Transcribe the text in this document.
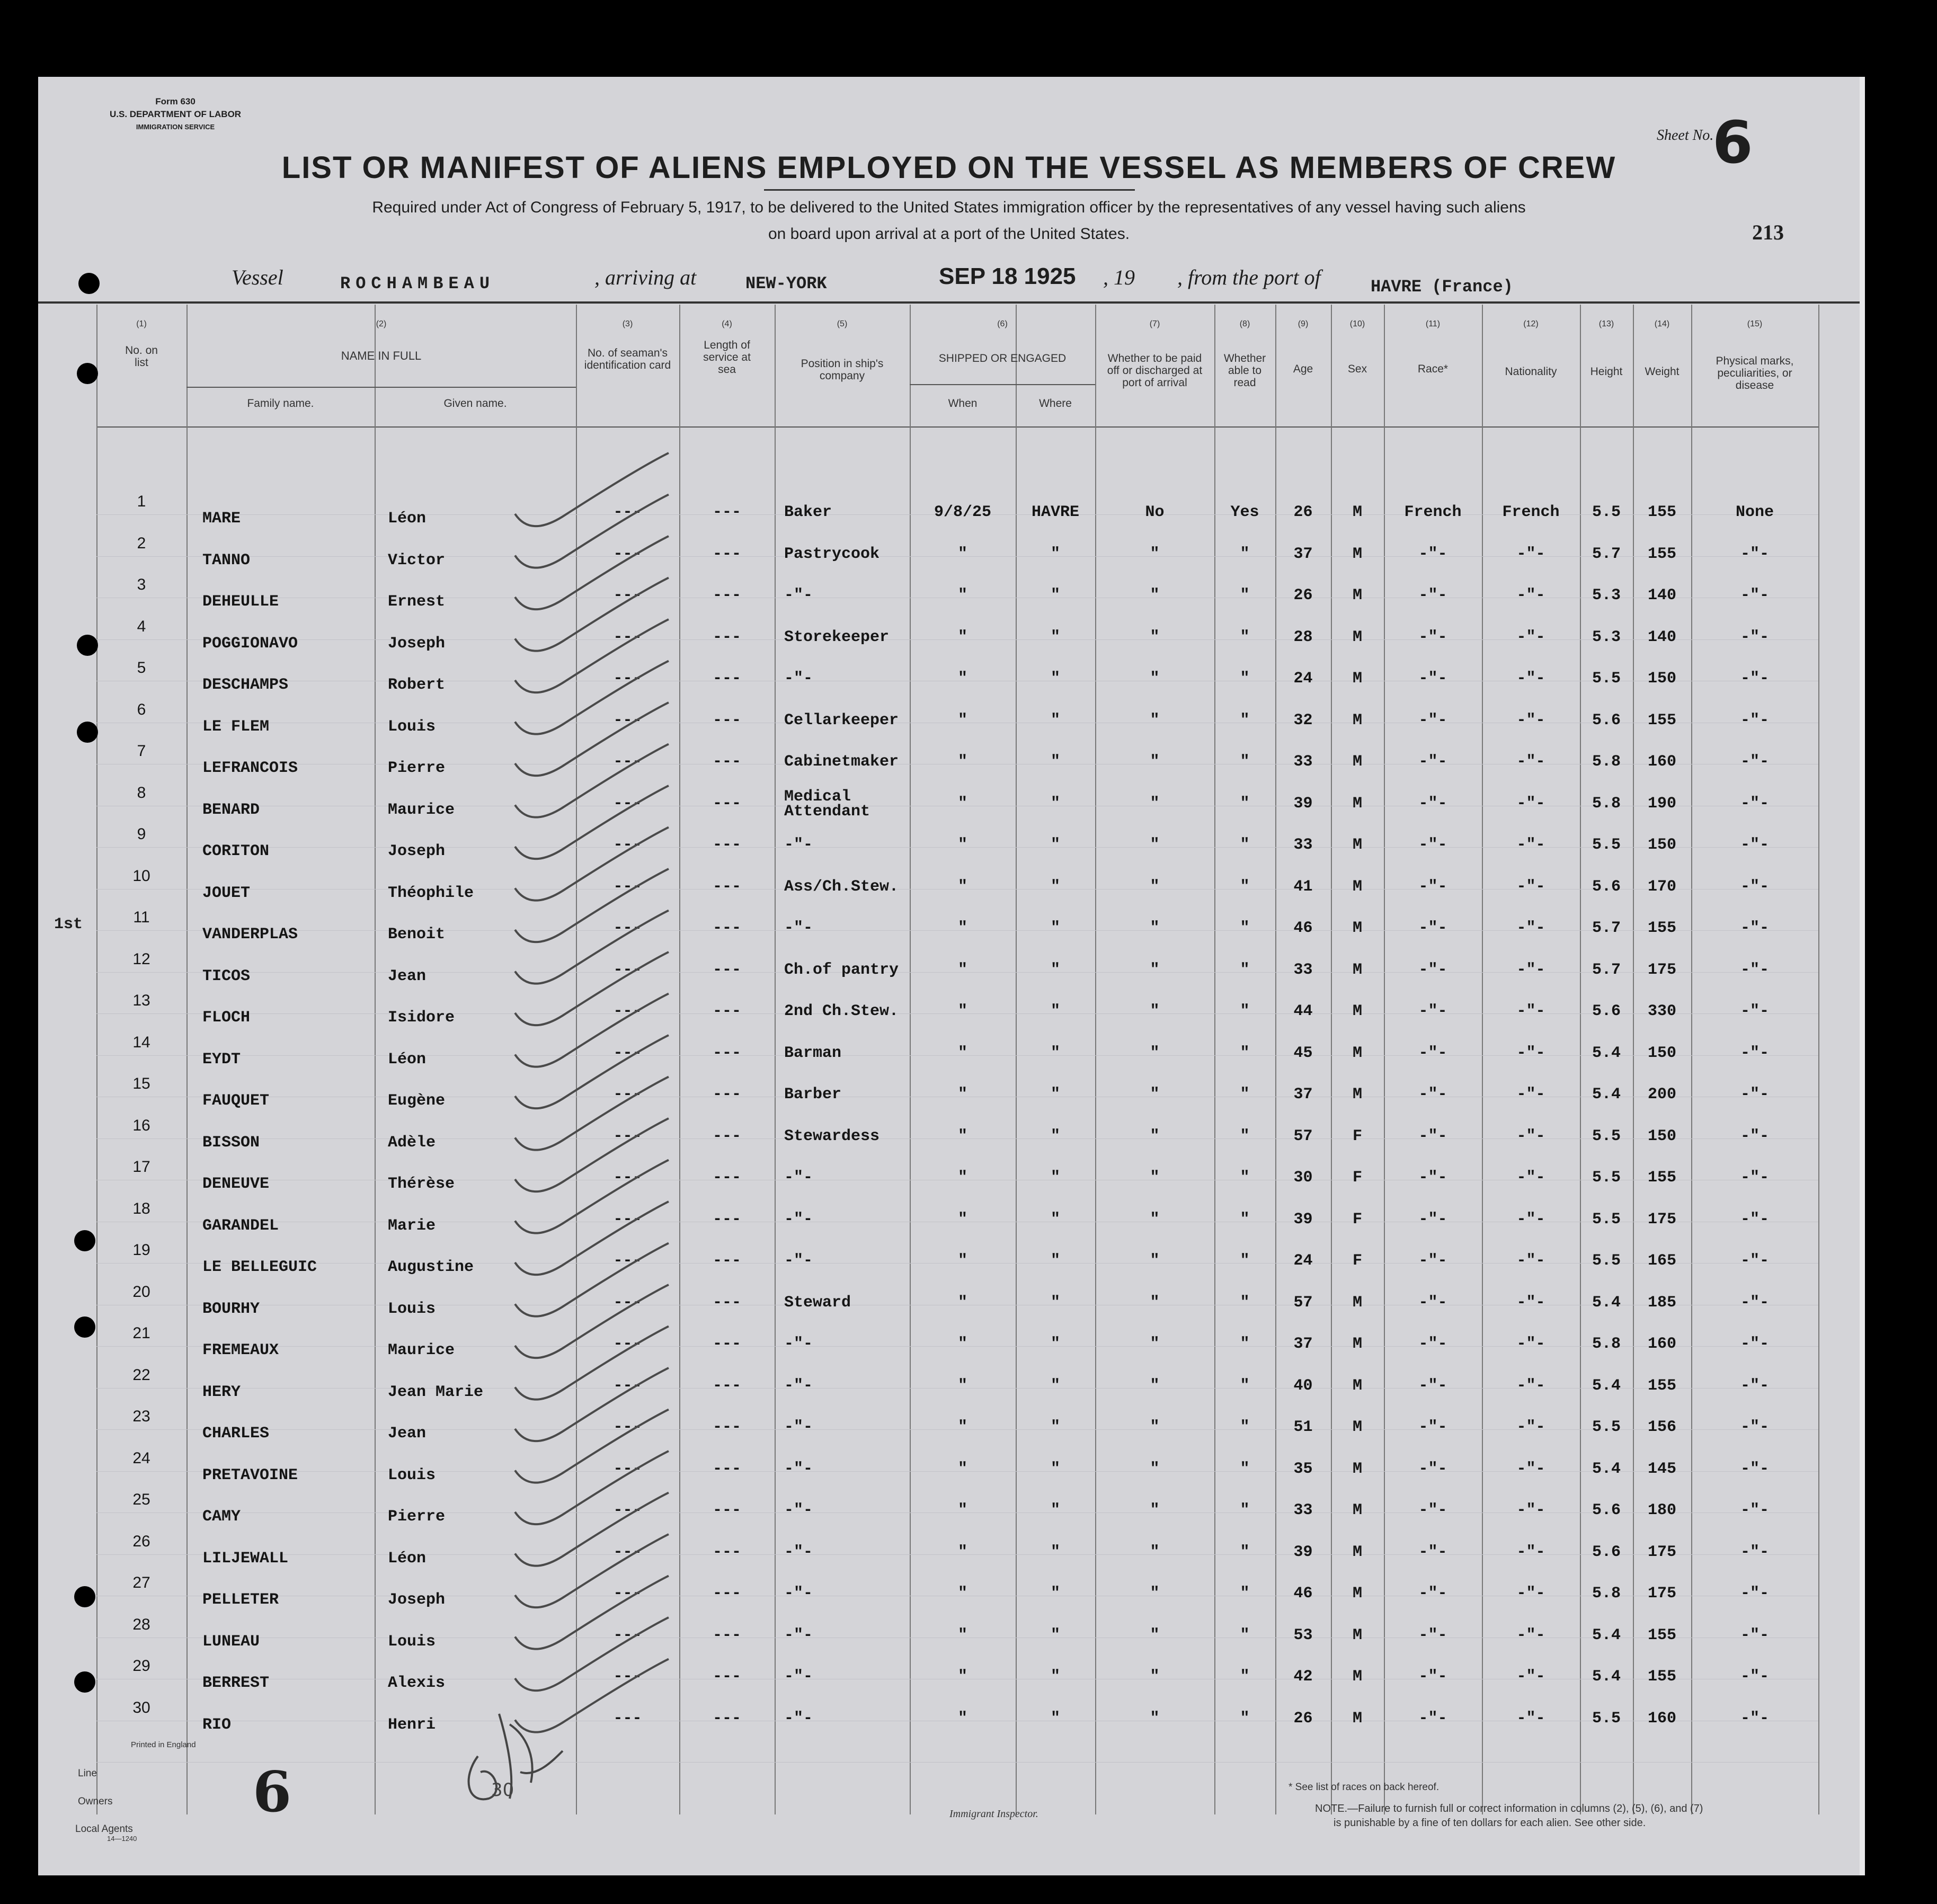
Form 630
U.S. DEPARTMENT OF LABOR
IMMIGRATION SERVICE
Sheet No.
6
213
LIST OR MANIFEST OF ALIENS EMPLOYED ON THE VESSEL AS MEMBERS OF CREW
Required under Act of Congress of February 5, 1917, to be delivered to the United States immigration officer by the representatives of any vessel having such aliens
on board upon arrival at a port of the United States.
Vessel	ROCHAMBEAU	, arriving at	NEW-YORK	SEP 18 1925 , 19 , from the port of	HAVRE (France)
(1)
No. on list
(2)
NAME IN FULL
Family name.	Given name.
(3)
No. of seaman's identification card
(4)
Length of service at sea
(5)
Position in ship's company
(6)
SHIPPED OR ENGAGED
When	Where
(7)
Whether to be paid off or discharged at port of arrival
(8)
Whether able to read
(9)
Age
(10)
Sex
(11)
Race*
(12)
Nationality
(13)
Height
(14)
Weight
(15)
Physical marks, peculiarities, or disease
1
MARE	Léon	---	---	Baker	9/8/25	HAVRE	No	Yes	26	M	French	French	5.5	155	None
2
TANNO	Victor	---	---	Pastrycook	"	"	"	"	37	M	-"-	-"-	5.7	155	-"-
3
DEHEULLE	Ernest	---	---	-"-	"	"	"	"	26	M	-"-	-"-	5.3	140	-"-
4
POGGIONAVO	Joseph	---	---	Storekeeper	"	"	"	"	28	M	-"-	-"-	5.3	140	-"-
5
DESCHAMPS	Robert	---	---	-"-	"	"	"	"	24	M	-"-	-"-	5.5	150	-"-
6
LE FLEM	Louis	---	---	Cellarkeeper	"	"	"	"	32	M	-"-	-"-	5.6	155	-"-
7
LEFRANCOIS	Pierre	---	---	Cabinetmaker	"	"	"	"	33	M	-"-	-"-	5.8	160	-"-
8
BENARD	Maurice	---	---	Medical Attendant	"	"	"	"	39	M	-"-	-"-	5.8	190	-"-
9
CORITON	Joseph	---	---	-"-	"	"	"	"	33	M	-"-	-"-	5.5	150	-"-
10
JOUET	Théophile	---	---	Ass/Ch.Stew.	"	"	"	"	41	M	-"-	-"-	5.6	170	-"-
11
VANDERPLAS	Benoit	---	---	-"-	"	"	"	"	46	M	-"-	-"-	5.7	155	-"-
12
TICOS	Jean	---	---	Ch.of pantry	"	"	"	"	33	M	-"-	-"-	5.7	175	-"-
13
FLOCH	Isidore	---	---	2nd Ch.Stew.	"	"	"	"	44	M	-"-	-"-	5.6	330	-"-
14
EYDT	Léon	---	---	Barman	"	"	"	"	45	M	-"-	-"-	5.4	150	-"-
15
FAUQUET	Eugène	---	---	Barber	"	"	"	"	37	M	-"-	-"-	5.4	200	-"-
16
BISSON	Adèle	---	---	Stewardess	"	"	"	"	57	F	-"-	-"-	5.5	150	-"-
17
DENEUVE	Thérèse	---	---	-"-	"	"	"	"	30	F	-"-	-"-	5.5	155	-"-
18
GARANDEL	Marie	---	---	-"-	"	"	"	"	39	F	-"-	-"-	5.5	175	-"-
19
LE BELLEGUIC	Augustine	---	---	-"-	"	"	"	"	24	F	-"-	-"-	5.5	165	-"-
20
BOURHY	Louis	---	---	Steward	"	"	"	"	57	M	-"-	-"-	5.4	185	-"-
21
FREMEAUX	Maurice	---	---	-"-	"	"	"	"	37	M	-"-	-"-	5.8	160	-"-
22
HERY	Jean Marie	---	---	-"-	"	"	"	"	40	M	-"-	-"-	5.4	155	-"-
23
CHARLES	Jean	---	---	-"-	"	"	"	"	51	M	-"-	-"-	5.5	156	-"-
24
PRETAVOINE	Louis	---	---	-"-	"	"	"	"	35	M	-"-	-"-	5.4	145	-"-
25
CAMY	Pierre	---	---	-"-	"	"	"	"	33	M	-"-	-"-	5.6	180	-"-
26
LILJEWALL	Léon	---	---	-"-	"	"	"	"	39	M	-"-	-"-	5.6	175	-"-
27
PELLETER	Joseph	---	---	-"-	"	"	"	"	46	M	-"-	-"-	5.8	175	-"-
28
LUNEAU	Louis	---	---	-"-	"	"	"	"	53	M	-"-	-"-	5.4	155	-"-
29
BERREST	Alexis	---	---	-"-	"	"	"	"	42	M	-"-	-"-	5.4	155	-"-
30
RIO	Henri	---	---	-"-	"	"	"	"	26	M	-"-	-"-	5.5	160	-"-
1st
Printed in England
Line
Owners
Local Agents
14—1240
6	30
Immigrant Inspector.
* See list of races on back hereof.
NOTE.—Failure to furnish full or correct information in columns (2), (5), (6), and (7)
is punishable by a fine of ten dollars for each alien. See other side.
